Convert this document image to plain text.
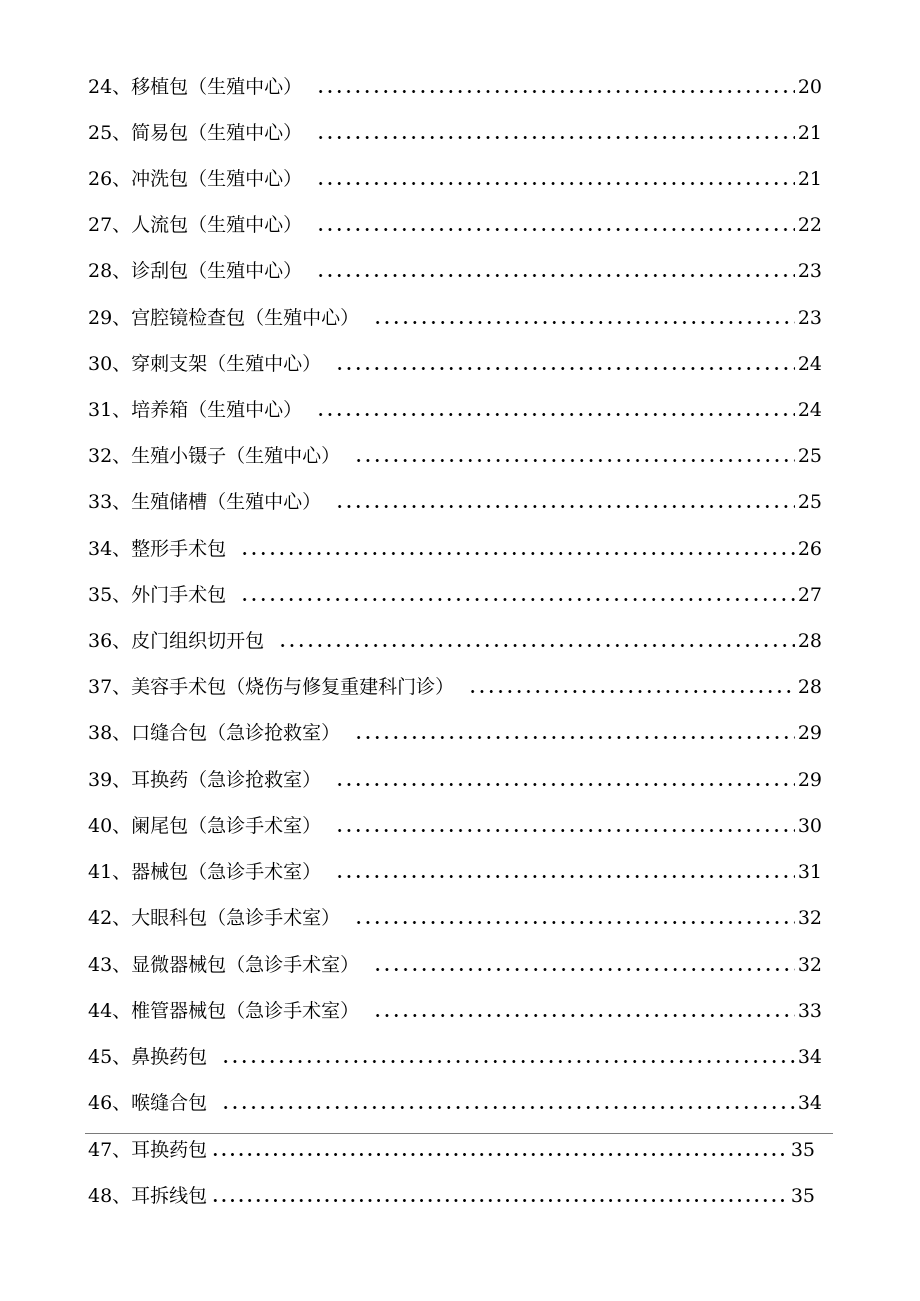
24、移植包（生殖中心）	20
25、简易包（生殖中心）	21
26、冲洗包（生殖中心）	21
27、人流包（生殖中心）	22
28、诊刮包（生殖中心）	23
29、宫腔镜检查包（生殖中心）	23
30、穿刺支架（生殖中心）	24
31、培养箱（生殖中心）	24
32、生殖小镊子（生殖中心）	25
33、生殖储槽（生殖中心）	25
34、整形手术包	26
35、外门手术包	27
36、皮门组织切开包	28
37、美容手术包（烧伤与修复重建科门诊）	28
38、口缝合包（急诊抢救室）	29
39、耳换药（急诊抢救室）	29
40、阑尾包（急诊手术室）	30
41、器械包（急诊手术室）	31
42、大眼科包（急诊手术室）	32
43、显微器械包（急诊手术室）	32
44、椎管器械包（急诊手术室）	33
45、鼻换药包	34
46、喉缝合包	34
47、耳换药包	35
48、耳拆线包	35
